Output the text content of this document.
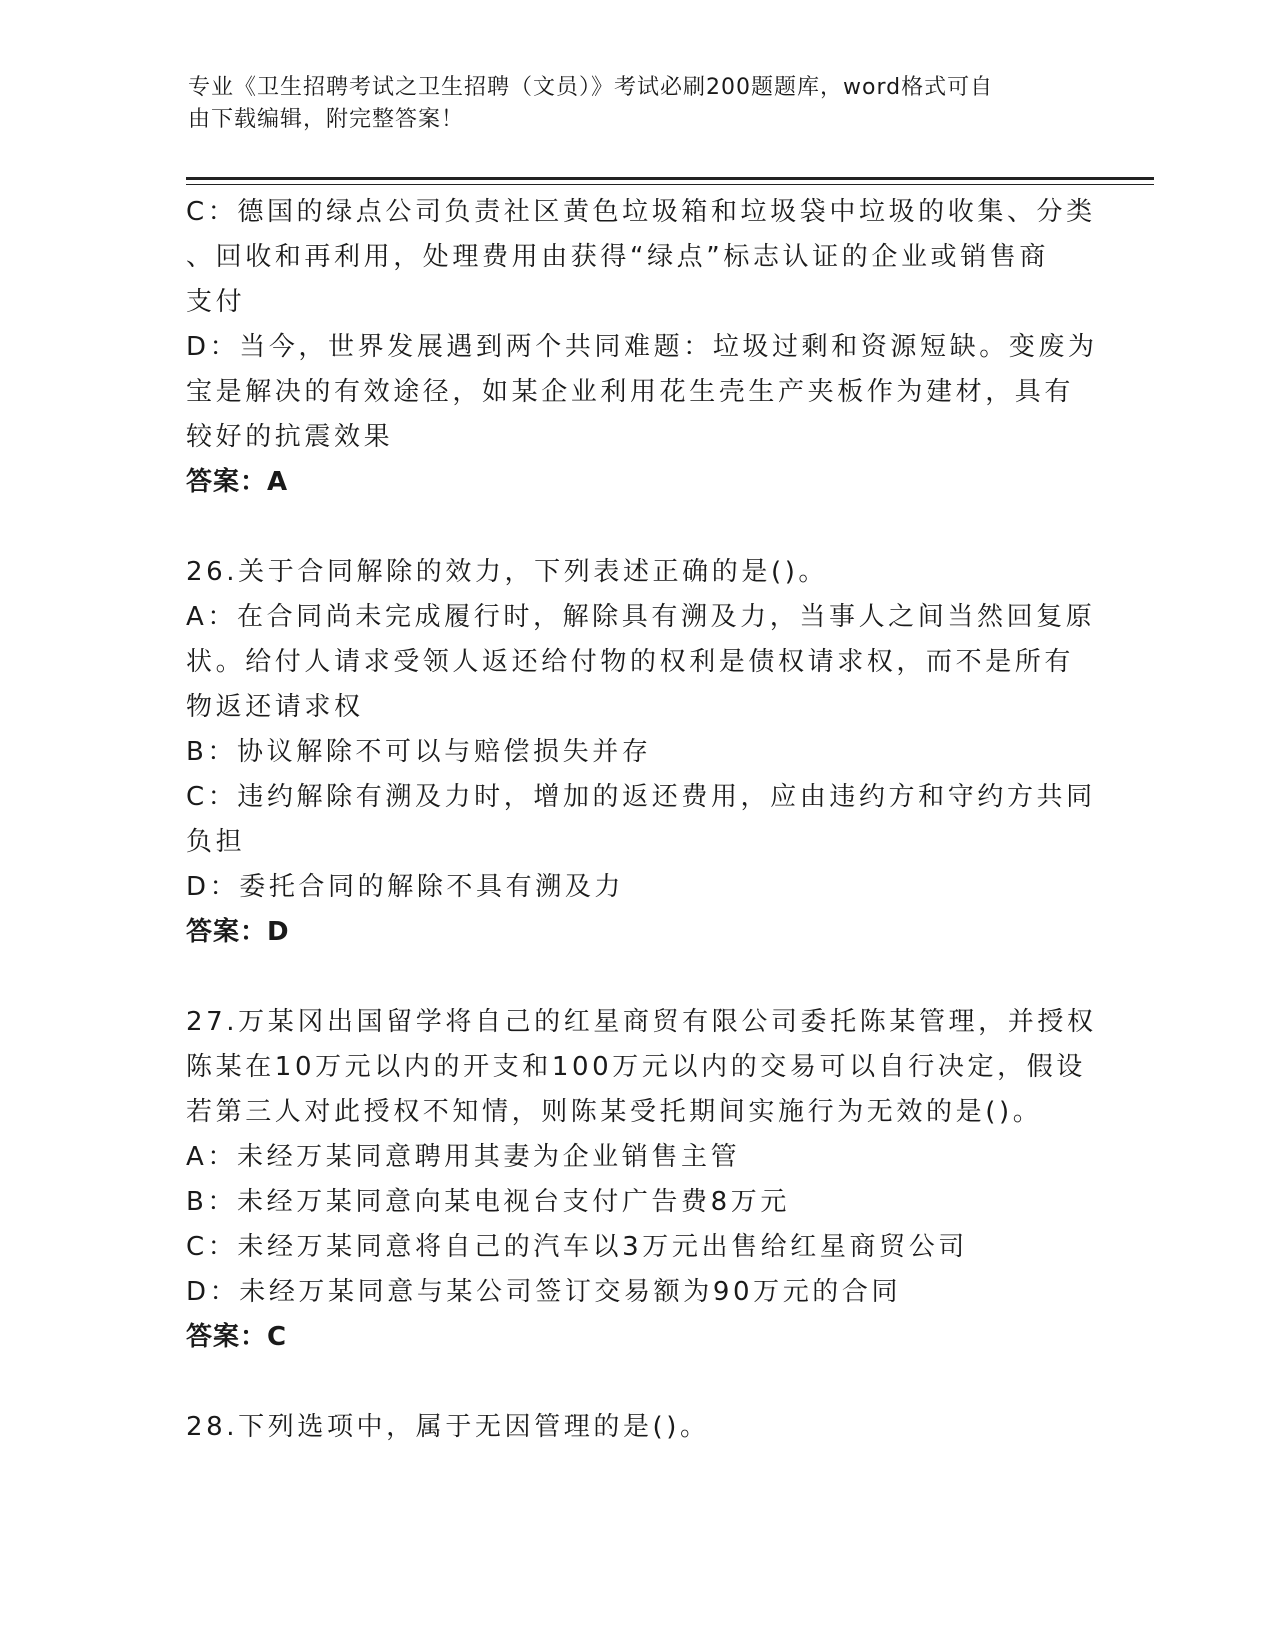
专业《卫生招聘考试之卫生招聘（文员）》考试必刷200题题库，word格式可自

由下载编辑，附完整答案！

C：德国的绿点公司负责社区黄色垃圾箱和垃圾袋中垃圾的收集、分类

、回收和再利用，处理费用由获得“绿点”标志认证的企业或销售商

支付

D：当今，世界发展遇到两个共同难题：垃圾过剩和资源短缺。变废为

宝是解决的有效途径，如某企业利用花生壳生产夹板作为建材，具有

较好的抗震效果

答案：A

26.关于合同解除的效力，下列表述正确的是()。

A：在合同尚未完成履行时，解除具有溯及力，当事人之间当然回复原

状。给付人请求受领人返还给付物的权利是债权请求权，而不是所有

物返还请求权

B：协议解除不可以与赔偿损失并存

C：违约解除有溯及力时，增加的返还费用，应由违约方和守约方共同

负担

D：委托合同的解除不具有溯及力

答案：D

27.万某冈出国留学将自己的红星商贸有限公司委托陈某管理，并授权

陈某在10万元以内的开支和100万元以内的交易可以自行决定，假设

若第三人对此授权不知情，则陈某受托期间实施行为无效的是()。

A：未经万某同意聘用其妻为企业销售主管

B：未经万某同意向某电视台支付广告费8万元

C：未经万某同意将自己的汽车以3万元出售给红星商贸公司

D：未经万某同意与某公司签订交易额为90万元的合同

答案：C

28.下列选项中，属于无因管理的是()。
